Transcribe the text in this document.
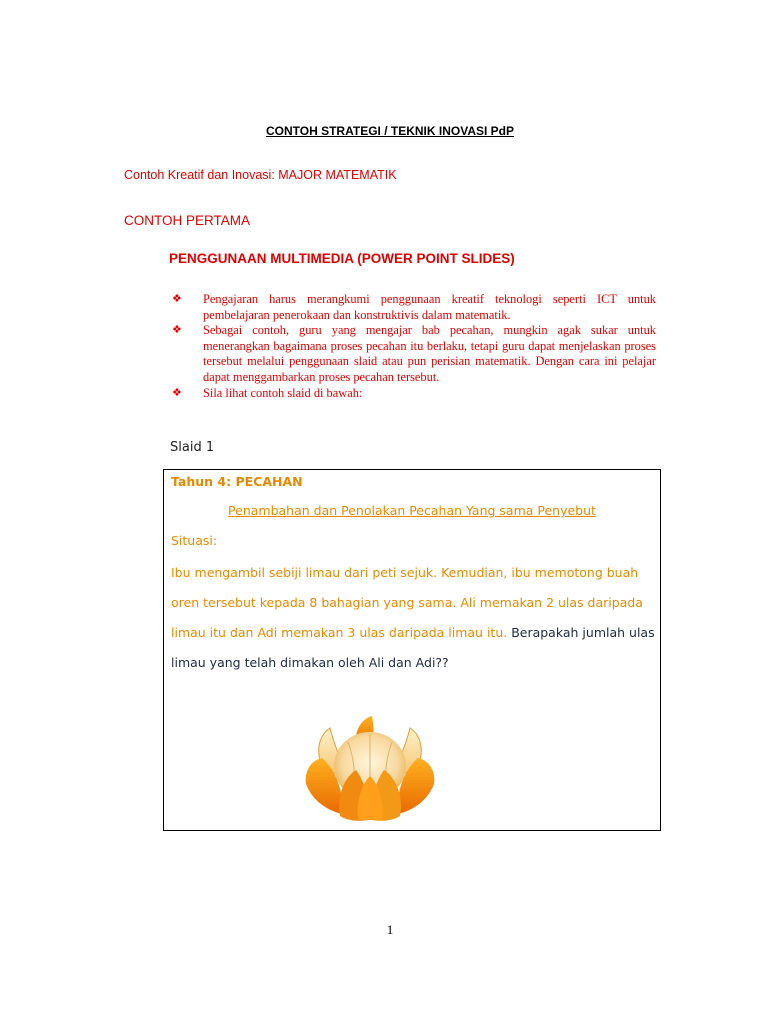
CONTOH STRATEGI / TEKNIK INOVASI PdP
Contoh Kreatif dan Inovasi: MAJOR MATEMATIK
CONTOH PERTAMA
PENGGUNAAN MULTIMEDIA (POWER POINT SLIDES)
❖	Pengajaran harus merangkumi penggunaan kreatif teknologi seperti ICT untuk pembelajaran penerokaan dan konstruktivis dalam matematik.
❖	Sebagai contoh, guru yang mengajar bab pecahan, mungkin agak sukar untuk menerangkan bagaimana proses pecahan itu berlaku, tetapi guru dapat menjelaskan proses tersebut melalui penggunaan slaid atau pun perisian matematik. Dengan cara ini pelajar dapat menggambarkan proses pecahan tersebut.
❖	Sila lihat contoh slaid di bawah:
Slaid 1
Tahun 4: PECAHAN
Penambahan dan Penolakan Pecahan Yang sama Penyebut
Situasi:
Ibu mengambil sebiji limau dari peti sejuk. Kemudian, ibu memotong buah oren tersebut kepada 8 bahagian yang sama. Ali memakan 2 ulas daripada limau itu dan Adi memakan 3 ulas daripada limau itu. Berapakah jumlah ulas limau yang telah dimakan oleh Ali dan Adi??
1
